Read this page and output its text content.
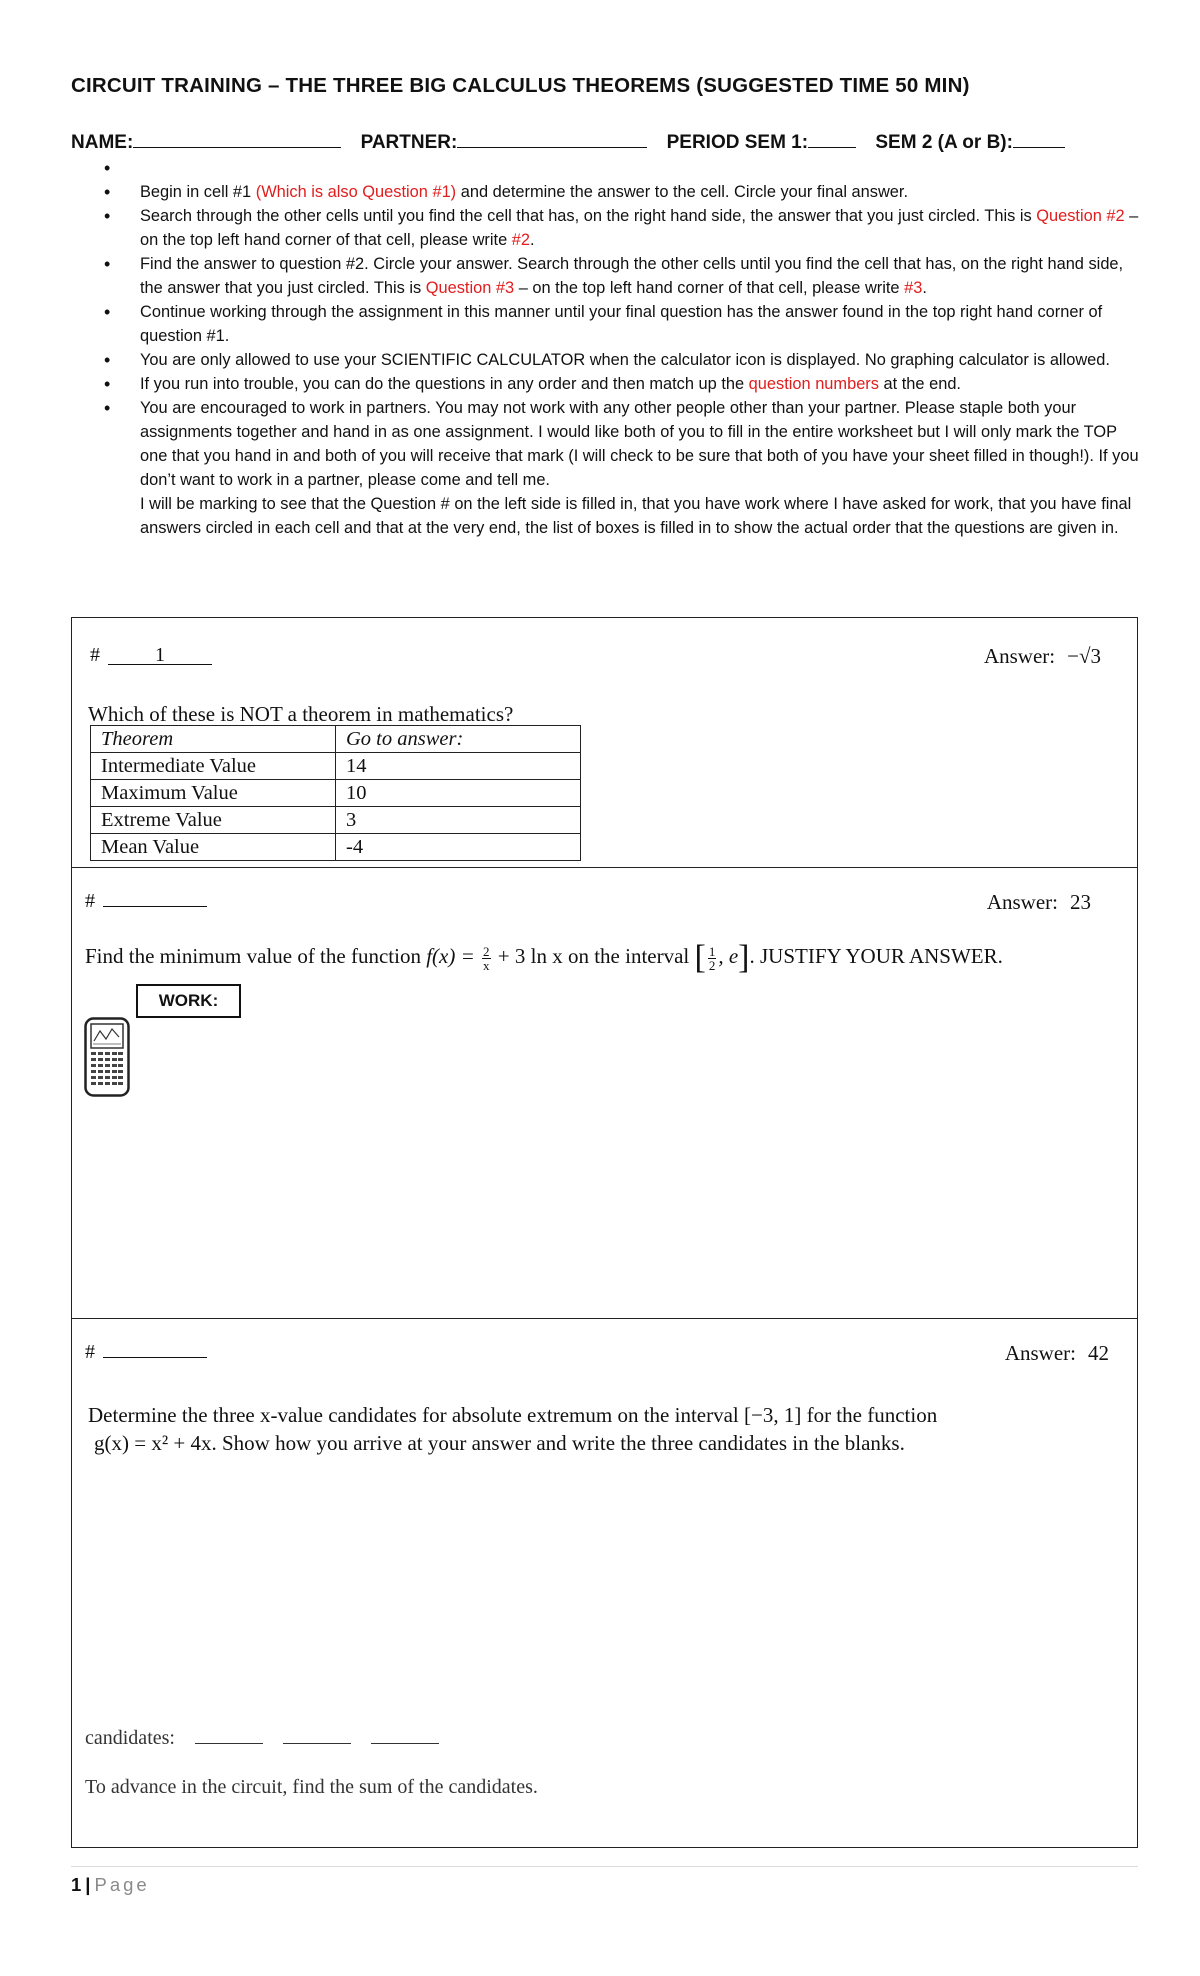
CIRCUIT TRAINING – THE THREE BIG CALCULUS THEOREMS (SUGGESTED TIME 50 MIN)
NAME:	PARTNER:	PERIOD SEM 1:	SEM 2 (A or B):
•
• Begin in cell #1 (Which is also Question #1) and determine the answer to the cell. Circle your final answer.
• Search through the other cells until you find the cell that has, on the right hand side, the answer that you just circled. This is Question #2 – on the top left hand corner of that cell, please write #2.
• Find the answer to question #2. Circle your answer. Search through the other cells until you find the cell that has, on the right hand side, the answer that you just circled. This is Question #3 – on the top left hand corner of that cell, please write #3.
• Continue working through the assignment in this manner until your final question has the answer found in the top right hand corner of question #1.
• You are only allowed to use your SCIENTIFIC CALCULATOR when the calculator icon is displayed. No graphing calculator is allowed.
• If you run into trouble, you can do the questions in any order and then match up the question numbers at the end.
• You are encouraged to work in partners. You may not work with any other people other than your partner. Please staple both your assignments together and hand in as one assignment. I would like both of you to fill in the entire worksheet but I will only mark the TOP one that you hand in and both of you will receive that mark (I will check to be sure that both of you have your sheet filled in though!). If you don’t want to work in a partner, please come and tell me.
I will be marking to see that the Question # on the left side is filled in, that you have work where I have asked for work, that you have final answers circled in each cell and that at the very end, the list of boxes is filled in to show the actual order that the questions are given in.
#	1	Answer: −√3
Which of these is NOT a theorem in mathematics?
Theorem	Go to answer:
Intermediate Value	14
Maximum Value	10
Extreme Value	3
Mean Value	-4
#	Answer: 23
Find the minimum value of the function $f(x) = \frac{2}{x} + 3$ ln x on the interval [ $\frac{1}{2}$ , e]. JUSTIFY YOUR ANSWER.
WORK:
#	Answer: 42
Determine the three x-value candidates for absolute extremum on the interval [−3, 1] for the function
g(x) = x² + 4x. Show how you arrive at your answer and write the three candidates in the blanks.
candidates:
To advance in the circuit, find the sum of the candidates.
1 | Page
